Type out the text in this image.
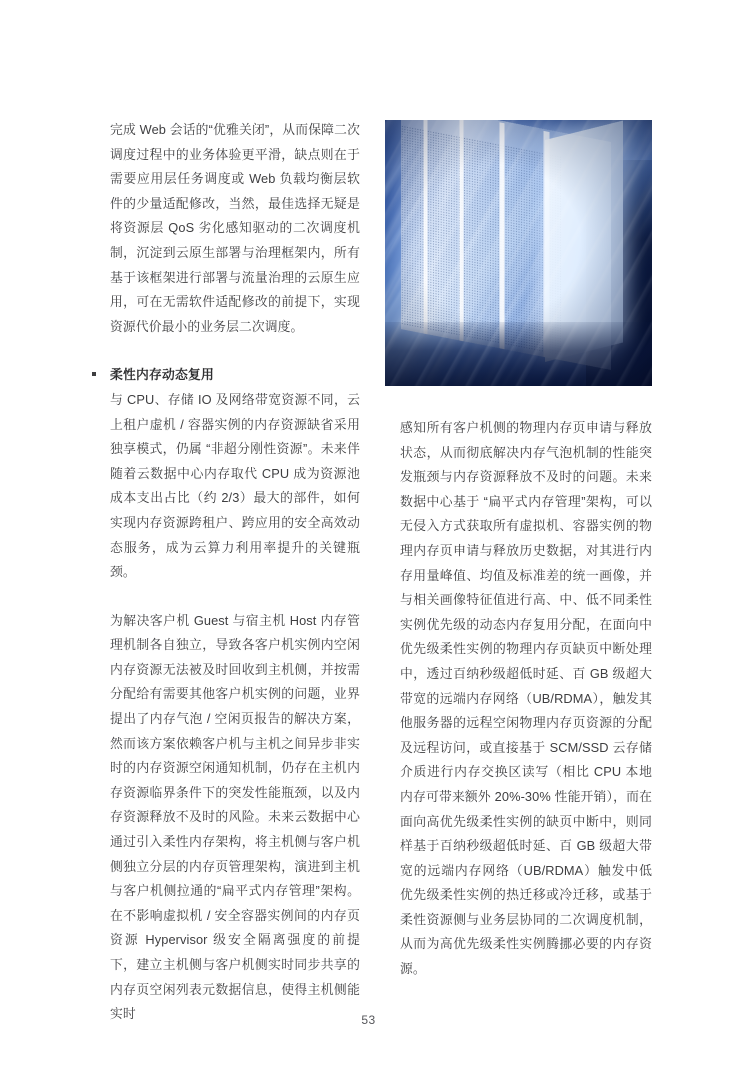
完成 Web 会话的“优雅关闭”，从而保障二次调度过程中的业务体验更平滑，缺点则在于需要应用层任务调度或 Web 负载均衡层软件的少量适配修改，当然，最佳选择无疑是将资源层 QoS 劣化感知驱动的二次调度机制，沉淀到云原生部署与治理框架内，所有基于该框架进行部署与流量治理的云原生应用，可在无需软件适配修改的前提下，实现资源代价最小的业务层二次调度。

柔性内存动态复用

与 CPU、存储 IO 及网络带宽资源不同，云上租户虚机 / 容器实例的内存资源缺省采用独享模式，仍属 “非超分刚性资源”。未来伴随着云数据中心内存取代 CPU 成为资源池成本支出占比（约 2/3）最大的部件，如何实现内存资源跨租户、跨应用的安全高效动态服务，成为云算力利用率提升的关键瓶颈。

为解决客户机 Guest 与宿主机 Host 内存管理机制各自独立，导致各客户机实例内空闲内存资源无法被及时回收到主机侧，并按需分配给有需要其他客户机实例的问题，业界提出了内存气泡 / 空闲页报告的解决方案，然而该方案依赖客户机与主机之间异步非实时的内存资源空闲通知机制，仍存在主机内存资源临界条件下的突发性能瓶颈，以及内存资源释放不及时的风险。未来云数据中心通过引入柔性内存架构，将主机侧与客户机侧独立分层的内存页管理架构，演进到主机与客户机侧拉通的“扁平式内存管理”架构。在不影响虚拟机 / 安全容器实例间的内存页资源 Hypervisor 级安全隔离强度的前提下，建立主机侧与客户机侧实时同步共享的内存页空闲列表元数据信息，使得主机侧能实时

感知所有客户机侧的物理内存页申请与释放状态，从而彻底解决内存气泡机制的性能突发瓶颈与内存资源释放不及时的问题。未来数据中心基于 “扁平式内存管理”架构，可以无侵入方式获取所有虚拟机、容器实例的物理内存页申请与释放历史数据，对其进行内存用量峰值、均值及标准差的统一画像，并与相关画像特征值进行高、中、低不同柔性实例优先级的动态内存复用分配，在面向中优先级柔性实例的物理内存页缺页中断处理中，透过百纳秒级超低时延、百 GB 级超大带宽的远端内存网络（UB/RDMA），触发其他服务器的远程空闲物理内存页资源的分配及远程访问，或直接基于 SCM/SSD 云存储介质进行内存交换区读写（相比 CPU 本地内存可带来额外 20%-30% 性能开销），而在面向高优先级柔性实例的缺页中断中，则同样基于百纳秒级超低时延、百 GB 级超大带宽的远端内存网络（UB/RDMA）触发中低优先级柔性实例的热迁移或冷迁移，或基于柔性资源侧与业务层协同的二次调度机制，从而为高优先级柔性实例腾挪必要的内存资源。

53
